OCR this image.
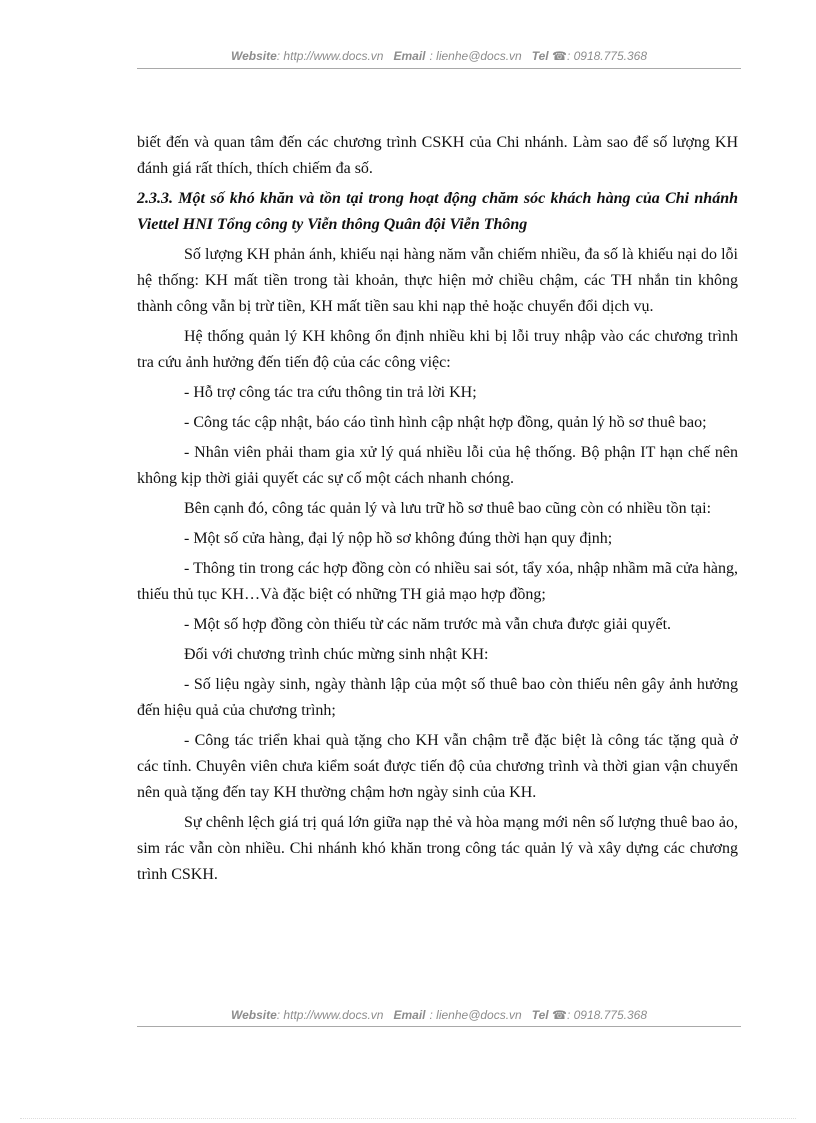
Website: http://www.docs.vn Email : lienhe@docs.vn Tel ☎: 0918.775.368

biết đến và quan tâm đến các chương trình CSKH của Chi nhánh. Làm sao để số lượng KH đánh giá rất thích, thích chiếm đa số.

2.3.3. Một số khó khăn và tồn tại trong hoạt động chăm sóc khách hàng của Chi nhánh Viettel HNI Tổng công ty Viễn thông Quân đội Viễn Thông

Số lượng KH phản ánh, khiếu nại hàng năm vẫn chiếm nhiều, đa số là khiếu nại do lỗi hệ thống: KH mất tiền trong tài khoản, thực hiện mở chiều chậm, các TH nhắn tin không thành công vẫn bị trừ tiền, KH mất tiền sau khi nạp thẻ hoặc chuyển đổi dịch vụ.

Hệ thống quản lý KH không ổn định nhiều khi bị lỗi truy nhập vào các chương trình tra cứu ảnh hưởng đến tiến độ của các công việc:

- Hỗ trợ công tác tra cứu thông tin trả lời KH;

- Công tác cập nhật, báo cáo tình hình cập nhật hợp đồng, quản lý hồ sơ thuê bao;

- Nhân viên phải tham gia xử lý quá nhiều lỗi của hệ thống. Bộ phận IT hạn chế nên không kịp thời giải quyết các sự cố một cách nhanh chóng.

Bên cạnh đó, công tác quản lý và lưu trữ hồ sơ thuê bao cũng còn có nhiều tồn tại:

- Một số cửa hàng, đại lý nộp hồ sơ không đúng thời hạn quy định;

- Thông tin trong các hợp đồng còn có nhiều sai sót, tẩy xóa, nhập nhầm mã cửa hàng, thiếu thủ tục KH…Và đặc biệt có những TH giả mạo hợp đồng;

- Một số hợp đồng còn thiếu từ các năm trước mà vẫn chưa được giải quyết.

Đối với chương trình chúc mừng sinh nhật KH:

- Số liệu ngày sinh, ngày thành lập của một số thuê bao còn thiếu nên gây ảnh hưởng đến hiệu quả của chương trình;

- Công tác triển khai quà tặng cho KH vẫn chậm trễ đặc biệt là công tác tặng quà ở các tỉnh. Chuyên viên chưa kiểm soát được tiến độ của chương trình và thời gian vận chuyển nên quà tặng đến tay KH thường chậm hơn ngày sinh của KH.

Sự chênh lệch giá trị quá lớn giữa nạp thẻ và hòa mạng mới nên số lượng thuê bao ảo, sim rác vẫn còn nhiều. Chi nhánh khó khăn trong công tác quản lý và xây dựng các chương trình CSKH.

Website: http://www.docs.vn Email : lienhe@docs.vn Tel ☎: 0918.775.368
